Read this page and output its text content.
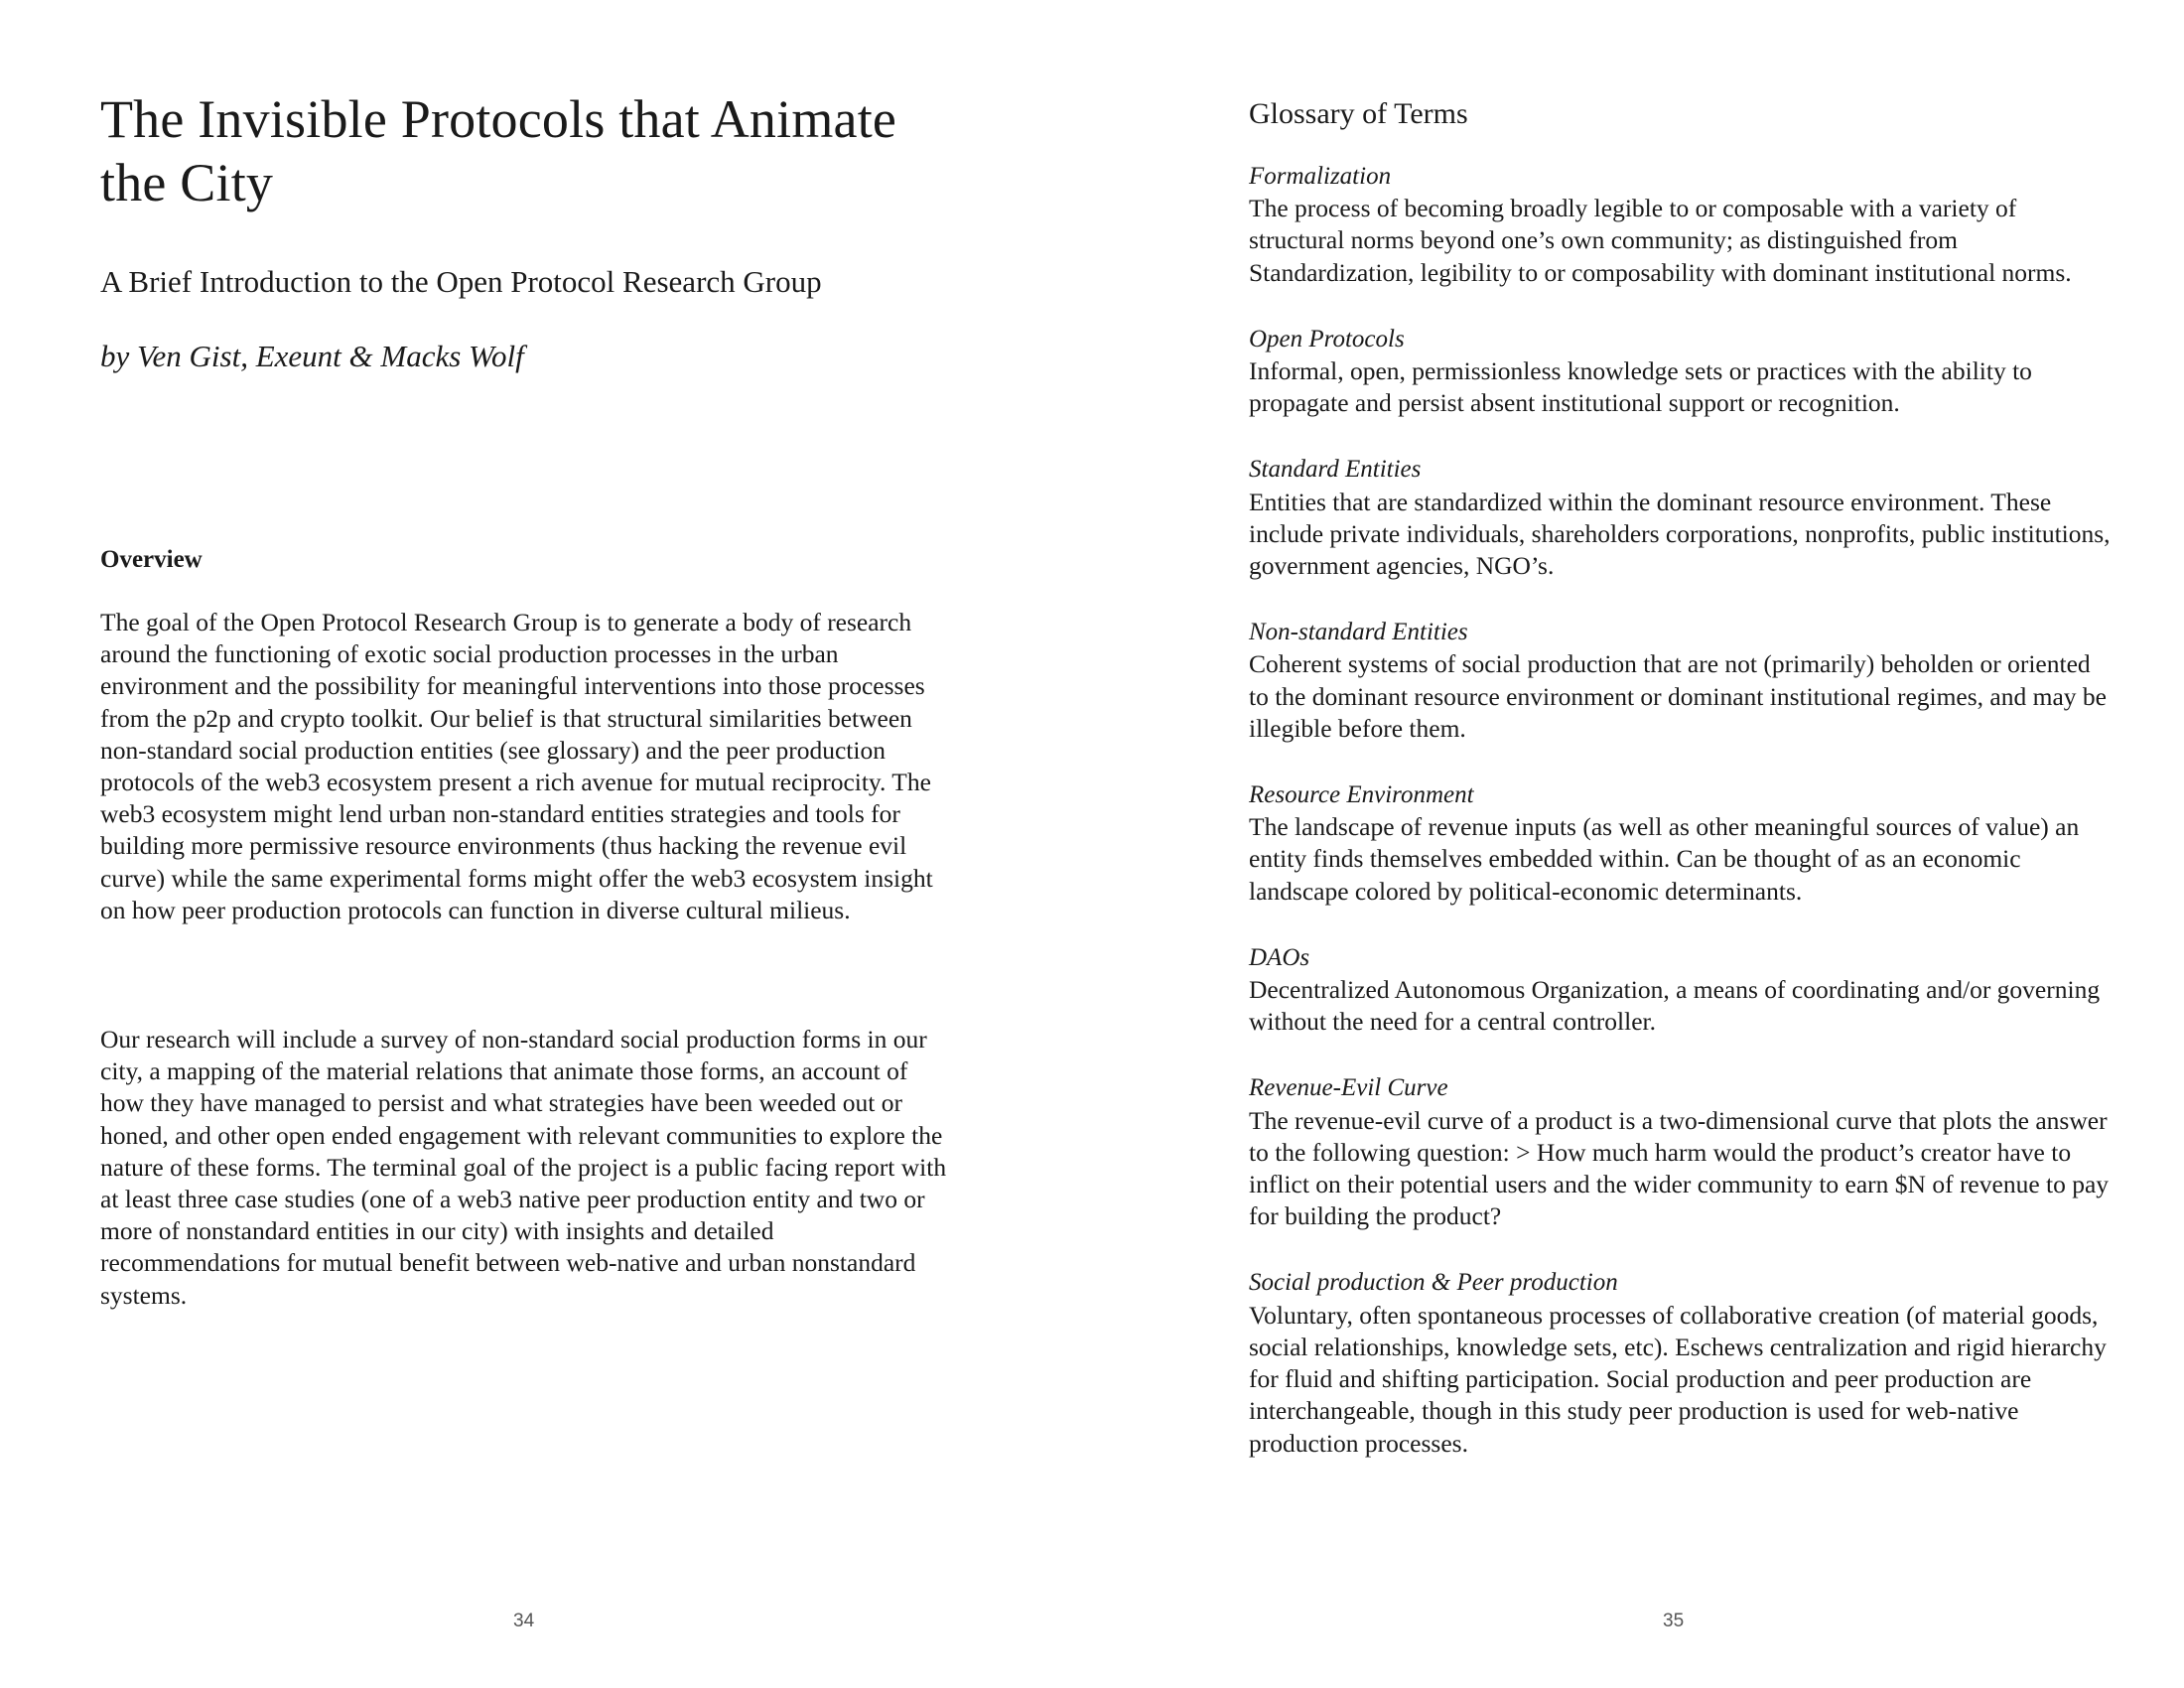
The Invisible Protocols that Animate the City
A Brief Introduction to the Open Protocol Research Group

by Ven Gist, Exeunt & Macks Wolf

Overview

The goal of the Open Protocol Research Group is to generate a body of research around the functioning of exotic social production processes in the urban environment and the possibility for meaningful interventions into those processes from the p2p and crypto toolkit. Our belief is that structural similarities between non-standard social production entities (see glossary) and the peer production protocols of the web3 ecosystem present a rich avenue for mutual reciprocity. The web3 ecosystem might lend urban non-standard entities strategies and tools for building more permissive resource environments (thus hacking the revenue evil curve) while the same experimental forms might offer the web3 ecosystem insight on how peer production protocols can function in diverse cultural milieus.

Our research will include a survey of non-standard social production forms in our city, a mapping of the material relations that animate those forms, an account of how they have managed to persist and what strategies have been weeded out or honed, and other open ended engagement with relevant communities to explore the nature of these forms. The terminal goal of the project is a public facing report with at least three case studies (one of a web3 native peer production entity and two or more of nonstandard entities in our city) with insights and detailed recommendations for mutual benefit between web-native and urban nonstandard systems.

34

Glossary of Terms

Formalization

The process of becoming broadly legible to or composable with a variety of structural norms beyond one’s own community; as distinguished from Standardization, legibility to or composability with dominant institutional norms.

Open Protocols

Informal, open, permissionless knowledge sets or practices with the ability to propagate and persist absent institutional support or recognition.

Standard Entities

Entities that are standardized within the dominant resource environment. These include private individuals, shareholders corporations, nonprofits, public institutions, government agencies, NGO’s.

Non-standard Entities

Coherent systems of social production that are not (primarily) beholden or oriented to the dominant resource environment or dominant institutional regimes, and may be illegible before them.

Resource Environment

The landscape of revenue inputs (as well as other meaningful sources of value) an entity finds themselves embedded within. Can be thought of as an economic landscape colored by political-economic determinants.

DAOs

Decentralized Autonomous Organization, a means of coordinating and/or governing without the need for a central controller.

Revenue-Evil Curve

The revenue-evil curve of a product is a two-dimensional curve that plots the answer to the following question: > How much harm would the product’s creator have to inflict on their potential users and the wider community to earn $N of revenue to pay for building the product?

Social production & Peer production

Voluntary, often spontaneous processes of collaborative creation (of material goods, social relationships, knowledge sets, etc). Eschews centralization and rigid hierarchy for fluid and shifting participation. Social production and peer production are interchangeable, though in this study peer production is used for web-native production processes.

35
